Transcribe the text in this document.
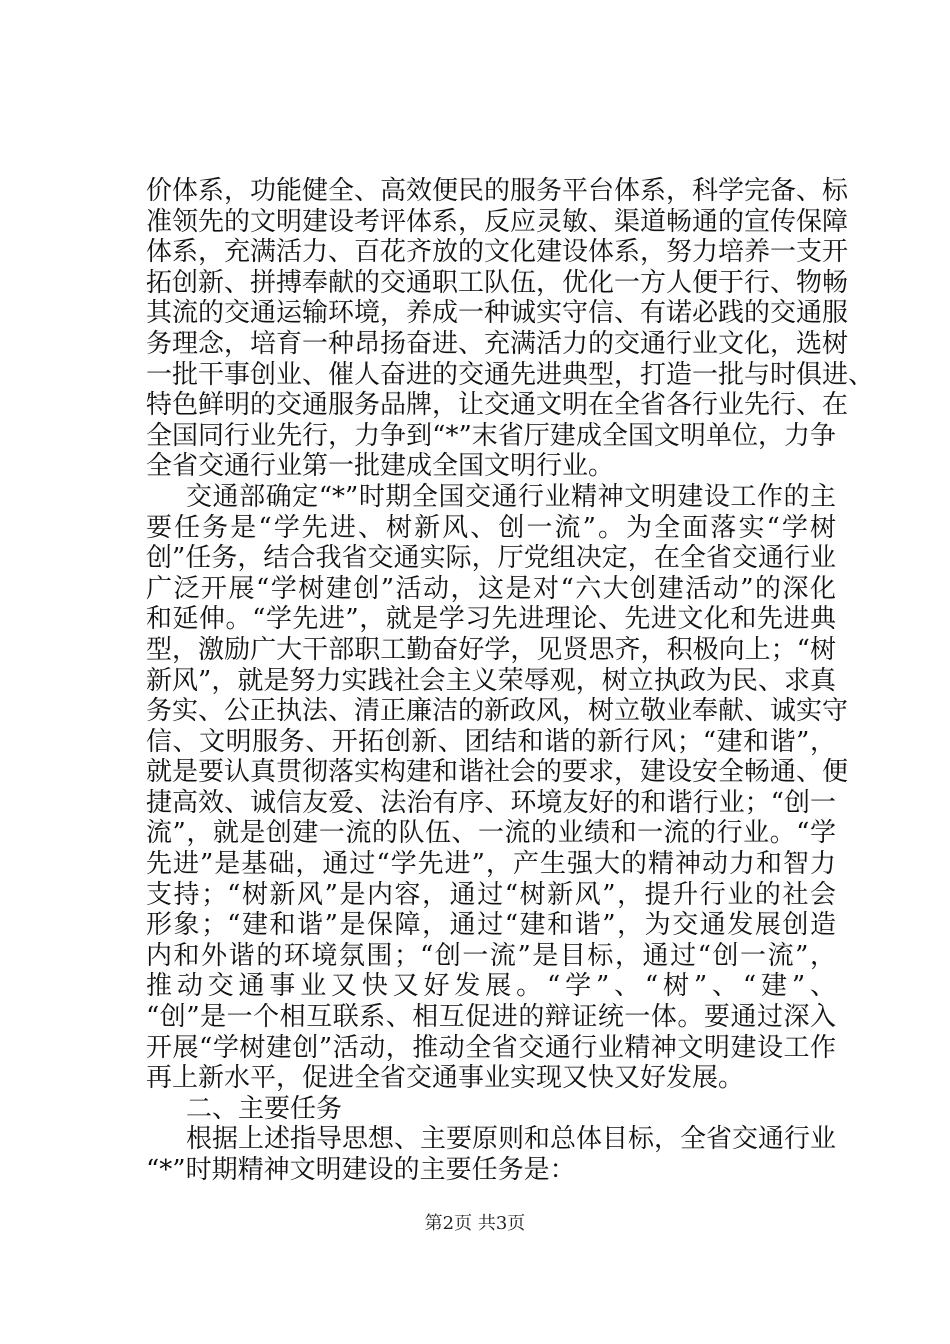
价体系，功能健全、高效便民的服务平台体系，科学完备、标
准领先的文明建设考评体系，反应灵敏、渠道畅通的宣传保障
体系，充满活力、百花齐放的文化建设体系，努力培养一支开
拓创新、拼搏奉献的交通职工队伍，优化一方人便于行、物畅
其流的交通运输环境，养成一种诚实守信、有诺必践的交通服
务理念，培育一种昂扬奋进、充满活力的交通行业文化，选树
一批干事创业、催人奋进的交通先进典型，打造一批与时俱进、
特色鲜明的交通服务品牌，让交通文明在全省各行业先行、在
全国同行业先行，力争到“*”末省厅建成全国文明单位，力争
全省交通行业第一批建成全国文明行业。
交通部确定“*”时期全国交通行业精神文明建设工作的主
要任务是“学先进、树新风、创一流”。为全面落实“学树
创”任务，结合我省交通实际，厅党组决定，在全省交通行业
广泛开展“学树建创”活动，这是对“六大创建活动”的深化
和延伸。“学先进”，就是学习先进理论、先进文化和先进典
型，激励广大干部职工勤奋好学，见贤思齐，积极向上；“树
新风”，就是努力实践社会主义荣辱观，树立执政为民、求真
务实、公正执法、清正廉洁的新政风，树立敬业奉献、诚实守
信、文明服务、开拓创新、团结和谐的新行风；“建和谐”，
就是要认真贯彻落实构建和谐社会的要求，建设安全畅通、便
捷高效、诚信友爱、法治有序、环境友好的和谐行业；“创一
流”，就是创建一流的队伍、一流的业绩和一流的行业。“学
先进”是基础，通过“学先进”，产生强大的精神动力和智力
支持；“树新风”是内容，通过“树新风”，提升行业的社会
形象；“建和谐”是保障，通过“建和谐”，为交通发展创造
内和外谐的环境氛围；“创一流”是目标，通过“创一流”，
推动交通事业又快又好发展。“学”、“树”、“建”、
“创”是一个相互联系、相互促进的辩证统一体。要通过深入
开展“学树建创”活动，推动全省交通行业精神文明建设工作
再上新水平，促进全省交通事业实现又快又好发展。
二、主要任务
根据上述指导思想、主要原则和总体目标，全省交通行业
“*”时期精神文明建设的主要任务是：
第2页 共3页
